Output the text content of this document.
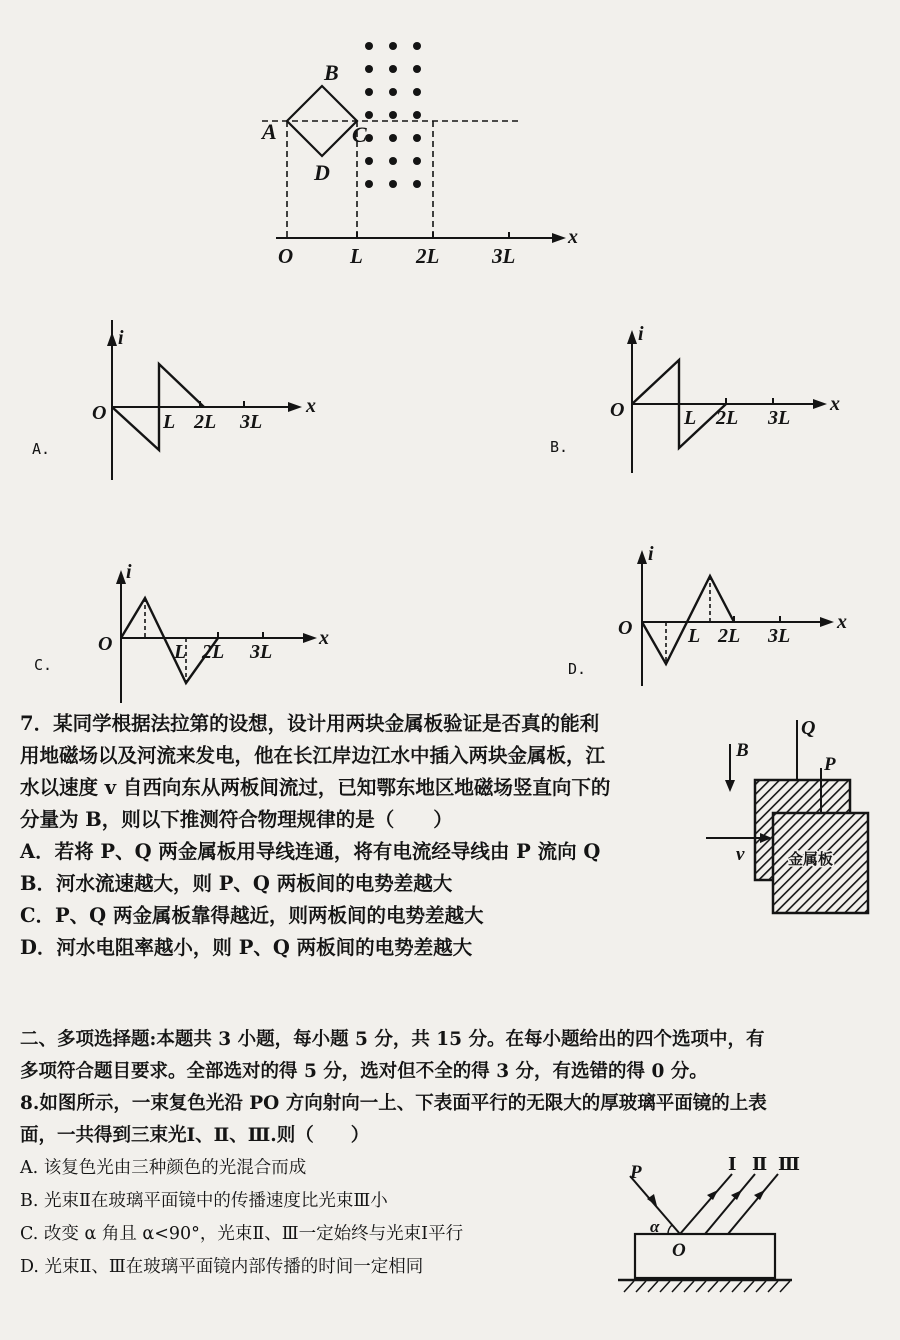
A
B
C
D
x
O	L	2L	3L
i
O	x
L 2L 3L
A.
i
O	x
L 2L 3L
B.
i
O	x
L 2L 3L
C.
i
O	x
L 2L 3L
D.
7．某同学根据法拉第的设想，设计用两块金属板验证是否真的能利
用地磁场以及河流来发电，他在长江岸边江水中插入两块金属板，江
水以速度 v 自西向东从两板间流过，已知鄂东地区地磁场竖直向下的
分量为 B，则以下推测符合物理规律的是（　　）
A．若将 P、Q 两金属板用导线连通，将有电流经导线由 P 流向 Q
B．河水流速越大，则 P、Q 两板间的电势差越大
C．P、Q 两金属板靠得越近，则两板间的电势差越大
D．河水电阻率越小，则 P、Q 两板间的电势差越大
B
Q
P
v	金属板
二、多项选择题:本题共 3 小题，每小题 5 分，共 15 分。在每小题给出的四个选项中，有
多项符合题目要求。全部选对的得 5 分，选对但不全的得 3 分，有选错的得 0 分。
8.如图所示，一束复色光沿 PO 方向射向一上、下表面平行的无限大的厚玻璃平面镜的上表
面，一共得到三束光Ⅰ、Ⅱ、Ⅲ.则（　　）
A. 该复色光由三种颜色的光混合而成
B. 光束Ⅱ在玻璃平面镜中的传播速度比光束Ⅲ小
C. 改变 α 角且 α<90°，光束Ⅱ、Ⅲ一定始终与光束Ⅰ平行
D. 光束Ⅱ、Ⅲ在玻璃平面镜内部传播的时间一定相同
P
O
α
Ⅰ Ⅱ Ⅲ
